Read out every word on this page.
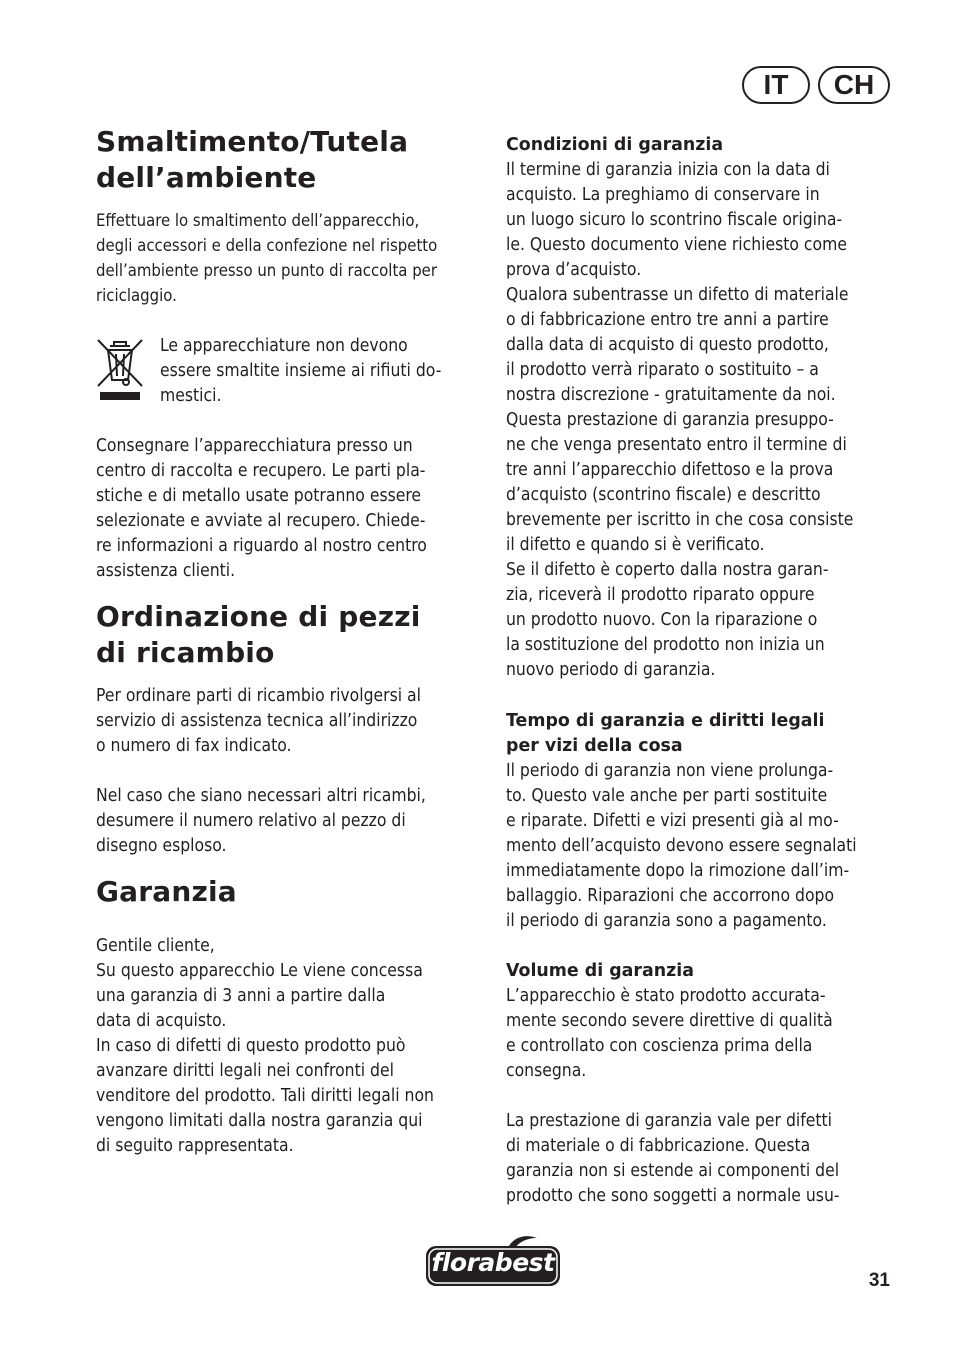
IT	CH
Smaltimento/Tutela
dell’ambiente

Effettuare lo smaltimento dell’apparecchio,
degli accessori e della confezione nel rispetto
dell’ambiente presso un punto di raccolta per
riciclaggio.

Le apparecchiature non devono
essere smaltite insieme ai rifiuti do-
mestici.

Consegnare l’apparecchiatura presso un
centro di raccolta e recupero. Le parti pla-
stiche e di metallo usate potranno essere
selezionate e avviate al recupero. Chiede-
re informazioni a riguardo al nostro centro
assistenza clienti.

Ordinazione di pezzi
di ricambio

Per ordinare parti di ricambio rivolgersi al
servizio di assistenza tecnica all’indirizzo
o numero di fax indicato.

Nel caso che siano necessari altri ricambi,
desumere il numero relativo al pezzo di
disegno esploso.

Garanzia

Gentile cliente,
Su questo apparecchio Le viene concessa
una garanzia di 3 anni a partire dalla
data di acquisto.
In caso di difetti di questo prodotto può
avanzare diritti legali nei confronti del
venditore del prodotto. Tali diritti legali non
vengono limitati dalla nostra garanzia qui
di seguito rappresentata.

Condizioni di garanzia

Il termine di garanzia inizia con la data di
acquisto. La preghiamo di conservare in
un luogo sicuro lo scontrino fiscale origina-
le. Questo documento viene richiesto come
prova d’acquisto.
Qualora subentrasse un difetto di materiale
o di fabbricazione entro tre anni a partire
dalla data di acquisto di questo prodotto,
il prodotto verrà riparato o sostituito – a
nostra discrezione - gratuitamente da noi.
Questa prestazione di garanzia presuppo-
ne che venga presentato entro il termine di
tre anni l’apparecchio difettoso e la prova
d’acquisto (scontrino fiscale) e descritto
brevemente per iscritto in che cosa consiste
il difetto e quando si è verificato.
Se il difetto è coperto dalla nostra garan-
zia, riceverà il prodotto riparato oppure
un prodotto nuovo. Con la riparazione o
la sostituzione del prodotto non inizia un
nuovo periodo di garanzia.

Tempo di garanzia e diritti legali
per vizi della cosa

Il periodo di garanzia non viene prolunga-
to. Questo vale anche per parti sostituite
e riparate. Difetti e vizi presenti già al mo-
mento dell’acquisto devono essere segnalati
immediatamente dopo la rimozione dall’im-
ballaggio. Riparazioni che accorrono dopo
il periodo di garanzia sono a pagamento.

Volume di garanzia

L’apparecchio è stato prodotto accurata-
mente secondo severe direttive di qualità
e controllato con coscienza prima della
consegna.

La prestazione di garanzia vale per difetti
di materiale o di fabbricazione. Questa
garanzia non si estende ai componenti del
prodotto che sono soggetti a normale usu-

florabest
31
